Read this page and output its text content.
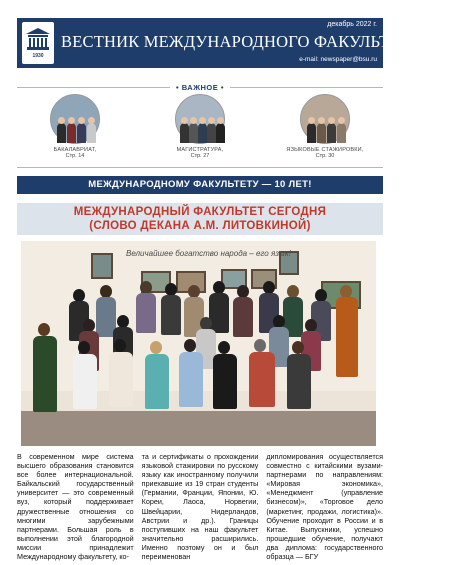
1930
декабрь 2022 г.
ВЕСТНИК МЕЖДУНАРОДНОГО ФАКУЛЬТЕТА БГУ
e-mail: newspaper@bsu.ru
• ВАЖНОЕ •
БАКАЛАВРИАТ,
Стр. 14
МАГИСТРАТУРА,
Стр. 27
ЯЗЫКОВЫЕ СТАЖИРОВКИ,
Стр. 30
МЕЖДУНАРОДНОМУ ФАКУЛЬТЕТУ — 10 ЛЕТ!
МЕЖДУНАРОДНЫЙ ФАКУЛЬТЕТ СЕГОДНЯ
(СЛОВО ДЕКАНА А.М. ЛИТОВКИНОЙ)
Величайшее богатство народа – его язык!
В современном мире система высшего образования становится все более интернациональной. Байкальский государственный университет — это современный вуз, который поддерживает дружественные отношения со многими зарубежными партнерами. Большая роль в выполнении этой благородной миссии принадлежит Международному факультету, ко-
та и сертификаты о прохождении языковой стажировки по русскому языку как иностранному получили приехавшие из 19 стран студенты (Германии, Франции, Японии, Ю. Кореи, Лаоса, Норвегии, Швейцарии, Нидерландов, Австрии и др.). Границы поступивших на наш факультет значительно расширились. Именно поэтому он и был переименован
дипломирования осуществляется совместно с китайскими вузами-партнерами по направлениям: «Мировая экономика», «Менеджмент (управление бизнесом)», «Торговое дело (маркетинг, продажи, логистика)». Обучение проходит в России и в Китае. Выпускники, успешно прошедшие обучение, получают два диплома: государственного образца — БГУ
